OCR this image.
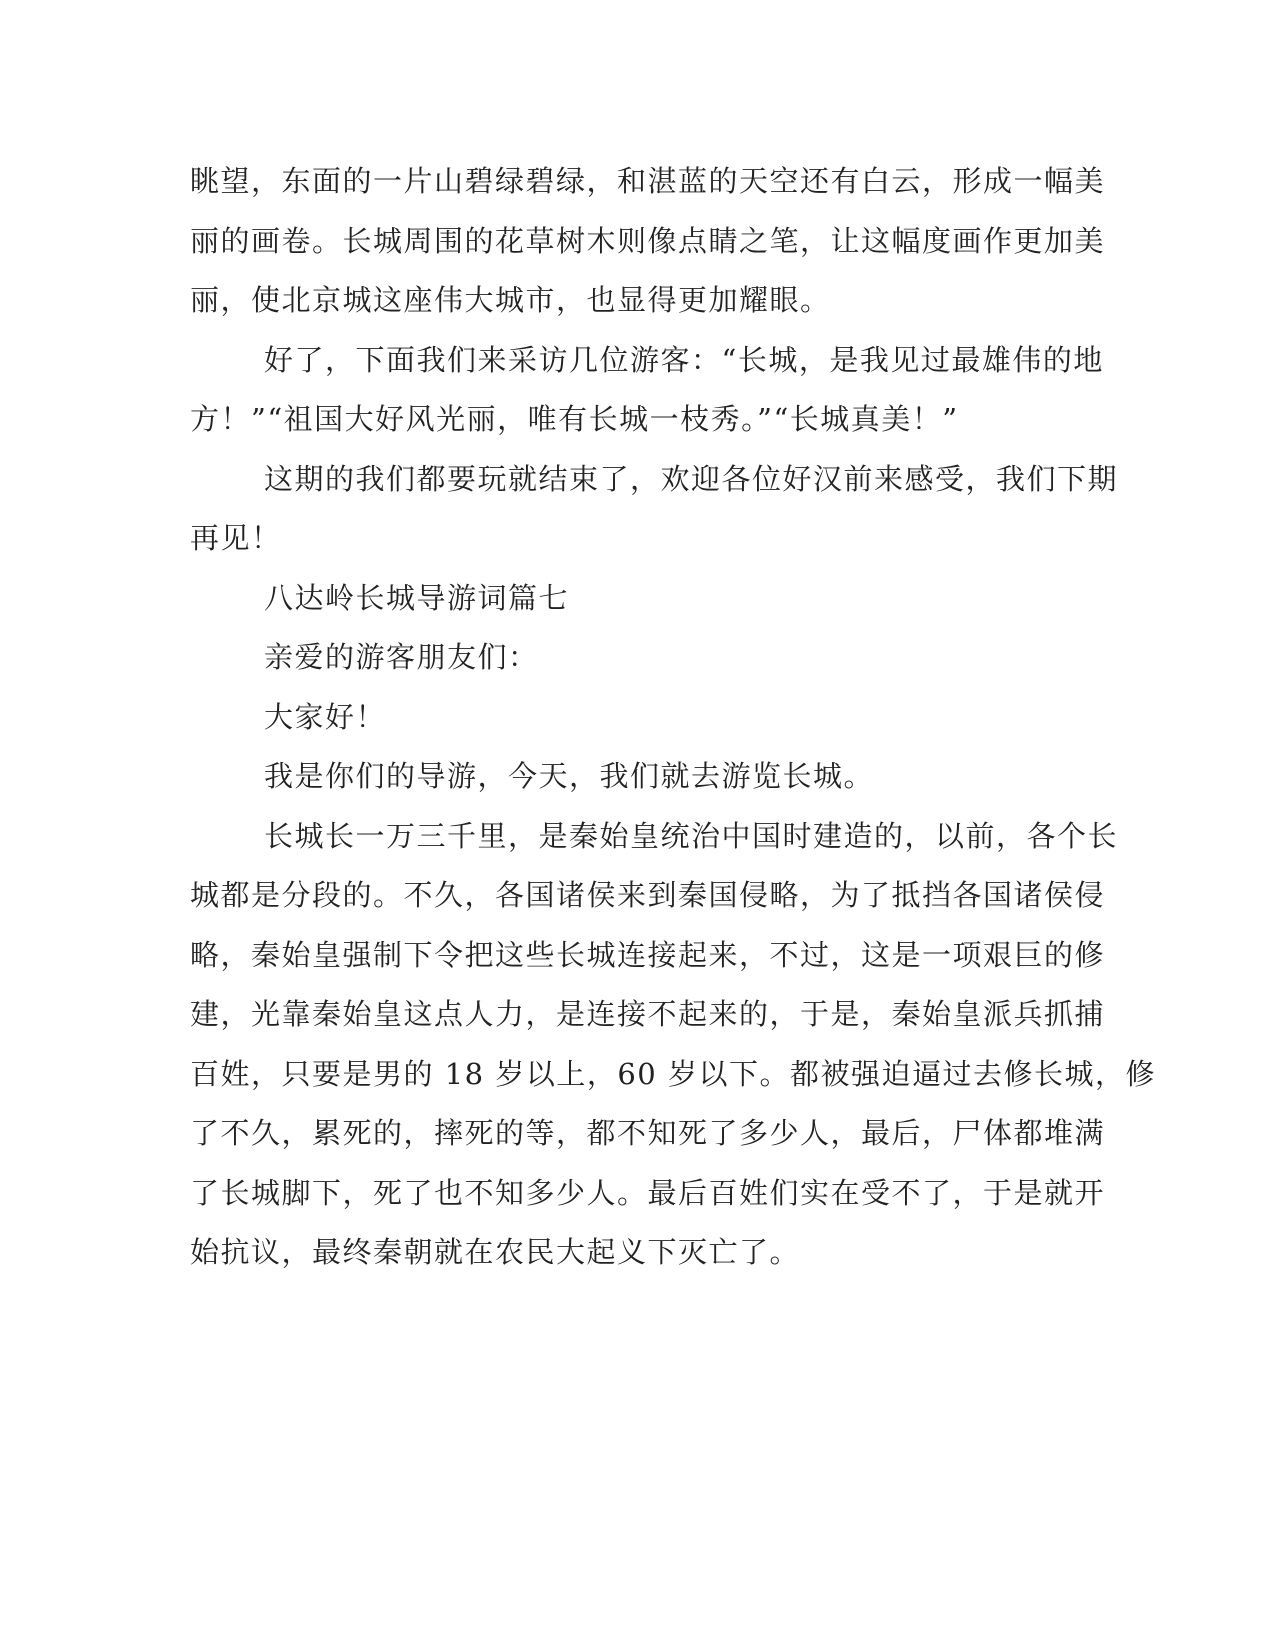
眺望，东面的一片山碧绿碧绿，和湛蓝的天空还有白云，形成一幅美

丽的画卷。长城周围的花草树木则像点睛之笔，让这幅度画作更加美

丽，使北京城这座伟大城市，也显得更加耀眼。

好了，下面我们来采访几位游客：“长城，是我见过最雄伟的地

方！”“祖国大好风光丽，唯有长城一枝秀。”“长城真美！”

这期的我们都要玩就结束了，欢迎各位好汉前来感受，我们下期

再见！

八达岭长城导游词篇七

亲爱的游客朋友们：

大家好！

我是你们的导游，今天，我们就去游览长城。

长城长一万三千里，是秦始皇统治中国时建造的，以前，各个长

城都是分段的。不久，各国诸侯来到秦国侵略，为了抵挡各国诸侯侵

略，秦始皇强制下令把这些长城连接起来，不过，这是一项艰巨的修

建，光靠秦始皇这点人力，是连接不起来的，于是，秦始皇派兵抓捕

百姓，只要是男的 18 岁以上，60 岁以下。都被强迫逼过去修长城，修

了不久，累死的，摔死的等，都不知死了多少人，最后，尸体都堆满

了长城脚下，死了也不知多少人。最后百姓们实在受不了，于是就开

始抗议，最终秦朝就在农民大起义下灭亡了。
